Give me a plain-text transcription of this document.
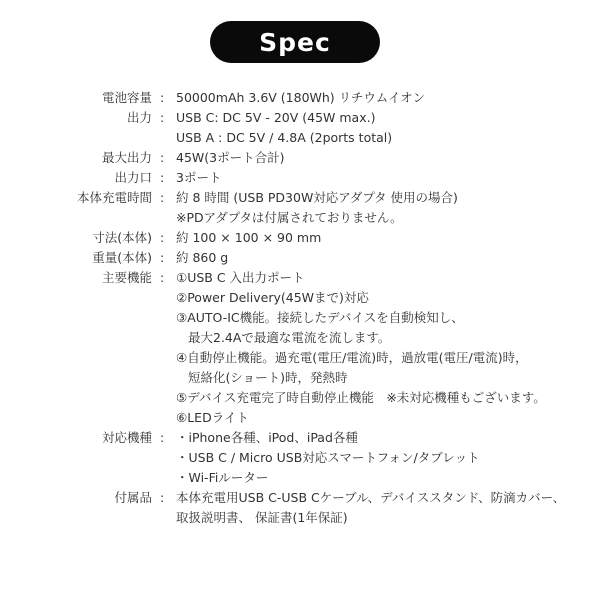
Spec
電池容量 : 50000mAh 3.6V (180Wh) リチウムイオン
出力 : USB C: DC 5V - 20V (45W max.)
USB A : DC 5V / 4.8A (2ports total)
最大出力 : 45W(3ポート合計)
出力口 : 3ポート
本体充電時間 : 約 8 時間 (USB PD30W対応アダプタ 使用の場合)
※PDアダプタは付属されておりません。
寸法(本体) : 約 100 × 100 × 90 mm
重量(本体) : 約 860 g
主要機能 : ①USB C 入出力ポート
②Power Delivery(45Wまで)対応
③AUTO-IC機能。接続したデバイスを自動検知し、
最大2.4Aで最適な電流を流します。
④自動停止機能。過充電(電圧/電流)時，過放電(電圧/電流)時，
短絡化(ショート)時，発熱時
⑤デバイス充電完了時自動停止機能　※未対応機種もございます。
⑥LEDライト
対応機種 : ・iPhone各種、iPod、iPad各種
・USB C / Micro USB対応スマートフォン/タブレット
・Wi-Fiルーター
付属品 : 本体充電用USB C-USB Cケーブル、デバイススタンド、防滴カバー、
取扱説明書、 保証書(1年保証)
